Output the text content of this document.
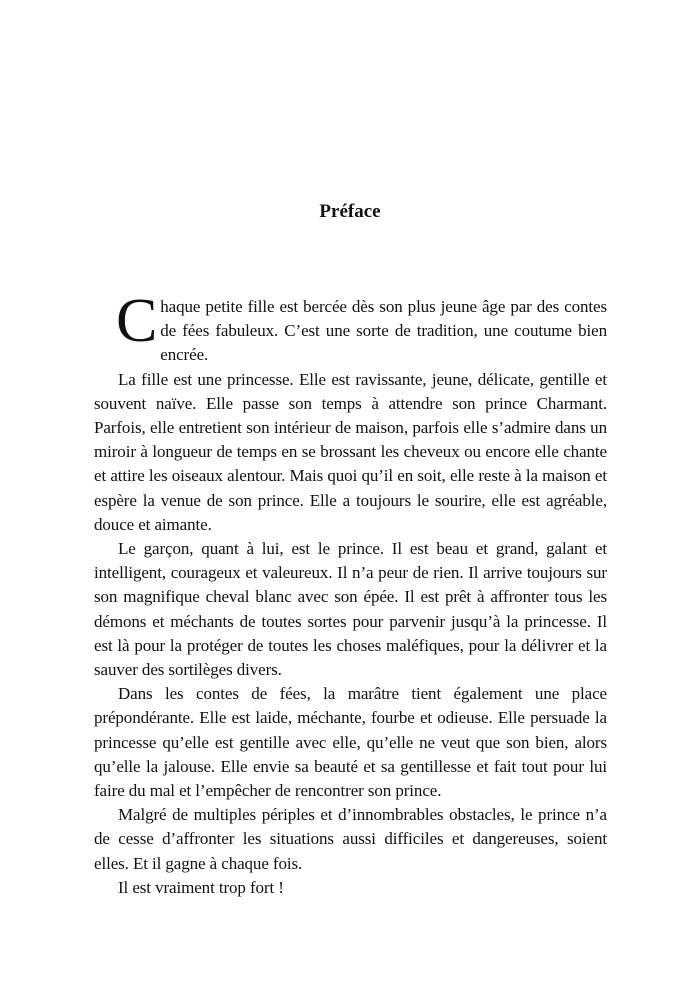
Préface

Chaque petite fille est bercée dès son plus jeune âge par des contes de fées fabuleux. C’est une sorte de tradition, une coutume bien encrée.

La fille est une princesse. Elle est ravissante, jeune, délicate, gentille et souvent naïve. Elle passe son temps à attendre son prince Charmant. Parfois, elle entretient son intérieur de maison, parfois elle s’admire dans un miroir à longueur de temps en se brossant les cheveux ou encore elle chante et attire les oiseaux alentour. Mais quoi qu’il en soit, elle reste à la maison et espère la venue de son prince. Elle a toujours le sourire, elle est agréable, douce et aimante.

Le garçon, quant à lui, est le prince. Il est beau et grand, galant et intelligent, courageux et valeureux. Il n’a peur de rien. Il arrive toujours sur son magnifique cheval blanc avec son épée. Il est prêt à affronter tous les démons et méchants de toutes sortes pour parvenir jusqu’à la princesse. Il est là pour la protéger de toutes les choses maléfiques, pour la délivrer et la sauver des sortilèges divers.

Dans les contes de fées, la marâtre tient également une place prépondérante. Elle est laide, méchante, fourbe et odieuse. Elle persuade la princesse qu’elle est gentille avec elle, qu’elle ne veut que son bien, alors qu’elle la jalouse. Elle envie sa beauté et sa gentillesse et fait tout pour lui faire du mal et l’empêcher de rencontrer son prince.

Malgré de multiples périples et d’innombrables obstacles, le prince n’a de cesse d’affronter les situations aussi difficiles et dangereuses, soient elles. Et il gagne à chaque fois.

Il est vraiment trop fort !
